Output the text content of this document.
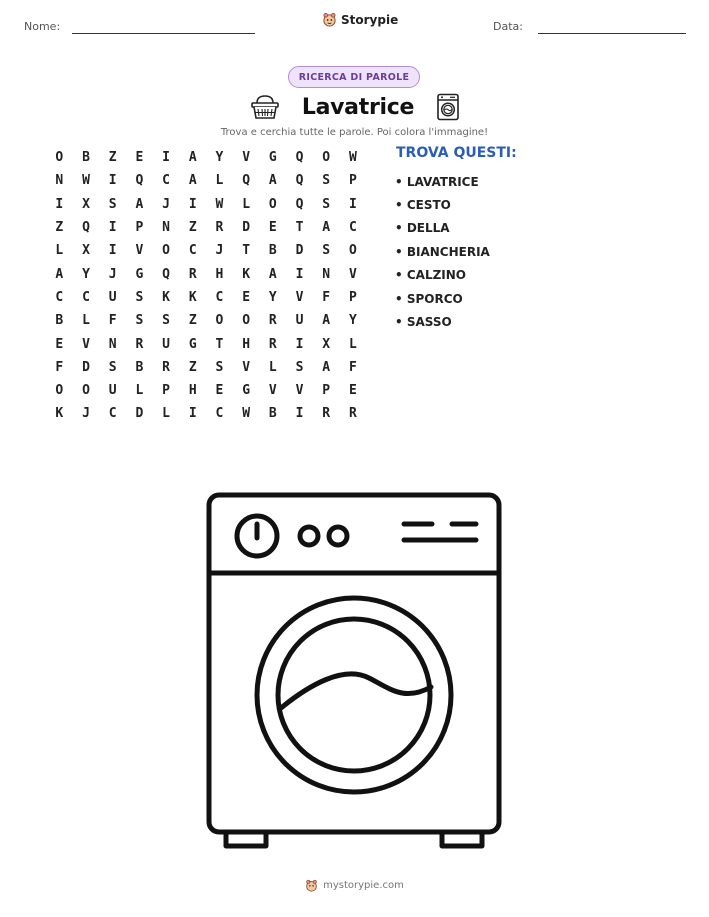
Nome:	Storypie	Data:
RICERCA DI PAROLE
Lavatrice
Trova e cerchia tutte le parole. Poi colora l'immagine!
O	B	Z	E	I	A	Y	V	G	Q	O	W
N	W	I	Q	C	A	L	Q	A	Q	S	P
I	X	S	A	J	I	W	L	O	Q	S	I
Z	Q	I	P	N	Z	R	D	E	T	A	C
L	X	I	V	O	C	J	T	B	D	S	O
A	Y	J	G	Q	R	H	K	A	I	N	V
C	C	U	S	K	K	C	E	Y	V	F	P
B	L	F	S	S	Z	O	O	R	U	A	Y
E	V	N	R	U	G	T	H	R	I	X	L
F	D	S	B	R	Z	S	V	L	S	A	F
O	O	U	L	P	H	E	G	V	V	P	E
K	J	C	D	L	I	C	W	B	I	R	R
TROVA QUESTI:
• LAVATRICE
• CESTO
• DELLA
• BIANCHERIA
• CALZINO
• SPORCO
• SASSO
mystorypie.com
